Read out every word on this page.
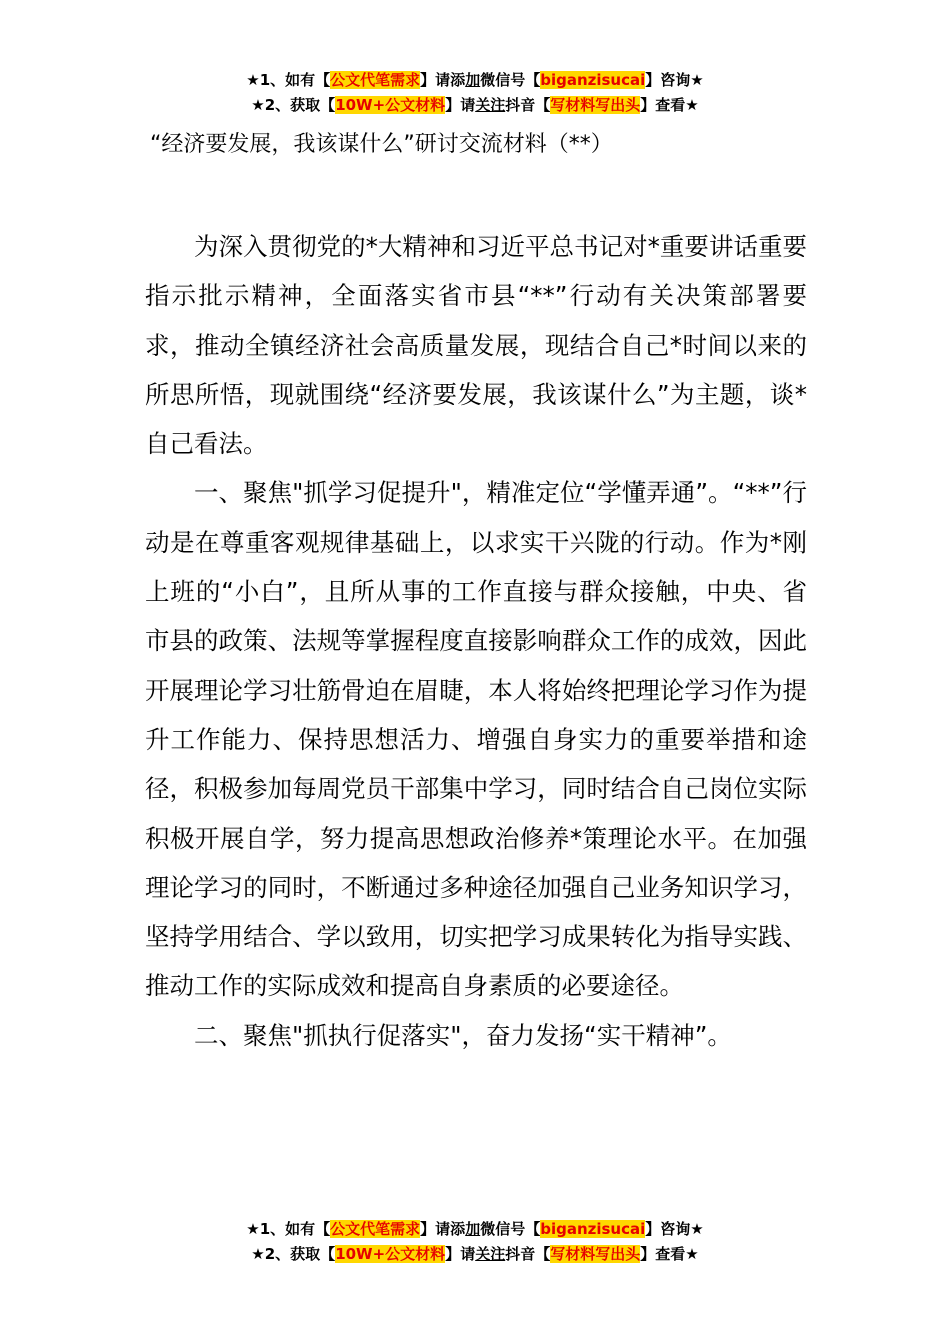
★1、如有【公文代笔需求】请添加微信号【biganzisucai】咨询★
★2、获取【10W+公文材料】请关注抖音【写材料写出头】查看★
“经济要发展，我该谋什么”研讨交流材料（**）

为深入贯彻党的*大精神和习近平总书记对*重要讲话重要指示批示精神，全面落实省市县“**”行动有关决策部署要求，推动全镇经济社会高质量发展，现结合自己*时间以来的所思所悟，现就围绕“经济要发展，我该谋什么”为主题，谈*自己看法。

一、聚焦"抓学习促提升"，精准定位“学懂弄通”。“**”行动是在尊重客观规律基础上，以求实干兴陇的行动。作为*刚上班的“小白”，且所从事的工作直接与群众接触，中央、省市县的政策、法规等掌握程度直接影响群众工作的成效，因此开展理论学习壮筋骨迫在眉睫，本人将始终把理论学习作为提升工作能力、保持思想活力、增强自身实力的重要举措和途径，积极参加每周党员干部集中学习，同时结合自己岗位实际积极开展自学，努力提高思想政治修养*策理论水平。在加强理论学习的同时，不断通过多种途径加强自己业务知识学习，坚持学用结合、学以致用，切实把学习成果转化为指导实践、推动工作的实际成效和提高自身素质的必要途径。

二、聚焦"抓执行促落实"，奋力发扬“实干精神”。

★1、如有【公文代笔需求】请添加微信号【biganzisucai】咨询★
★2、获取【10W+公文材料】请关注抖音【写材料写出头】查看★
